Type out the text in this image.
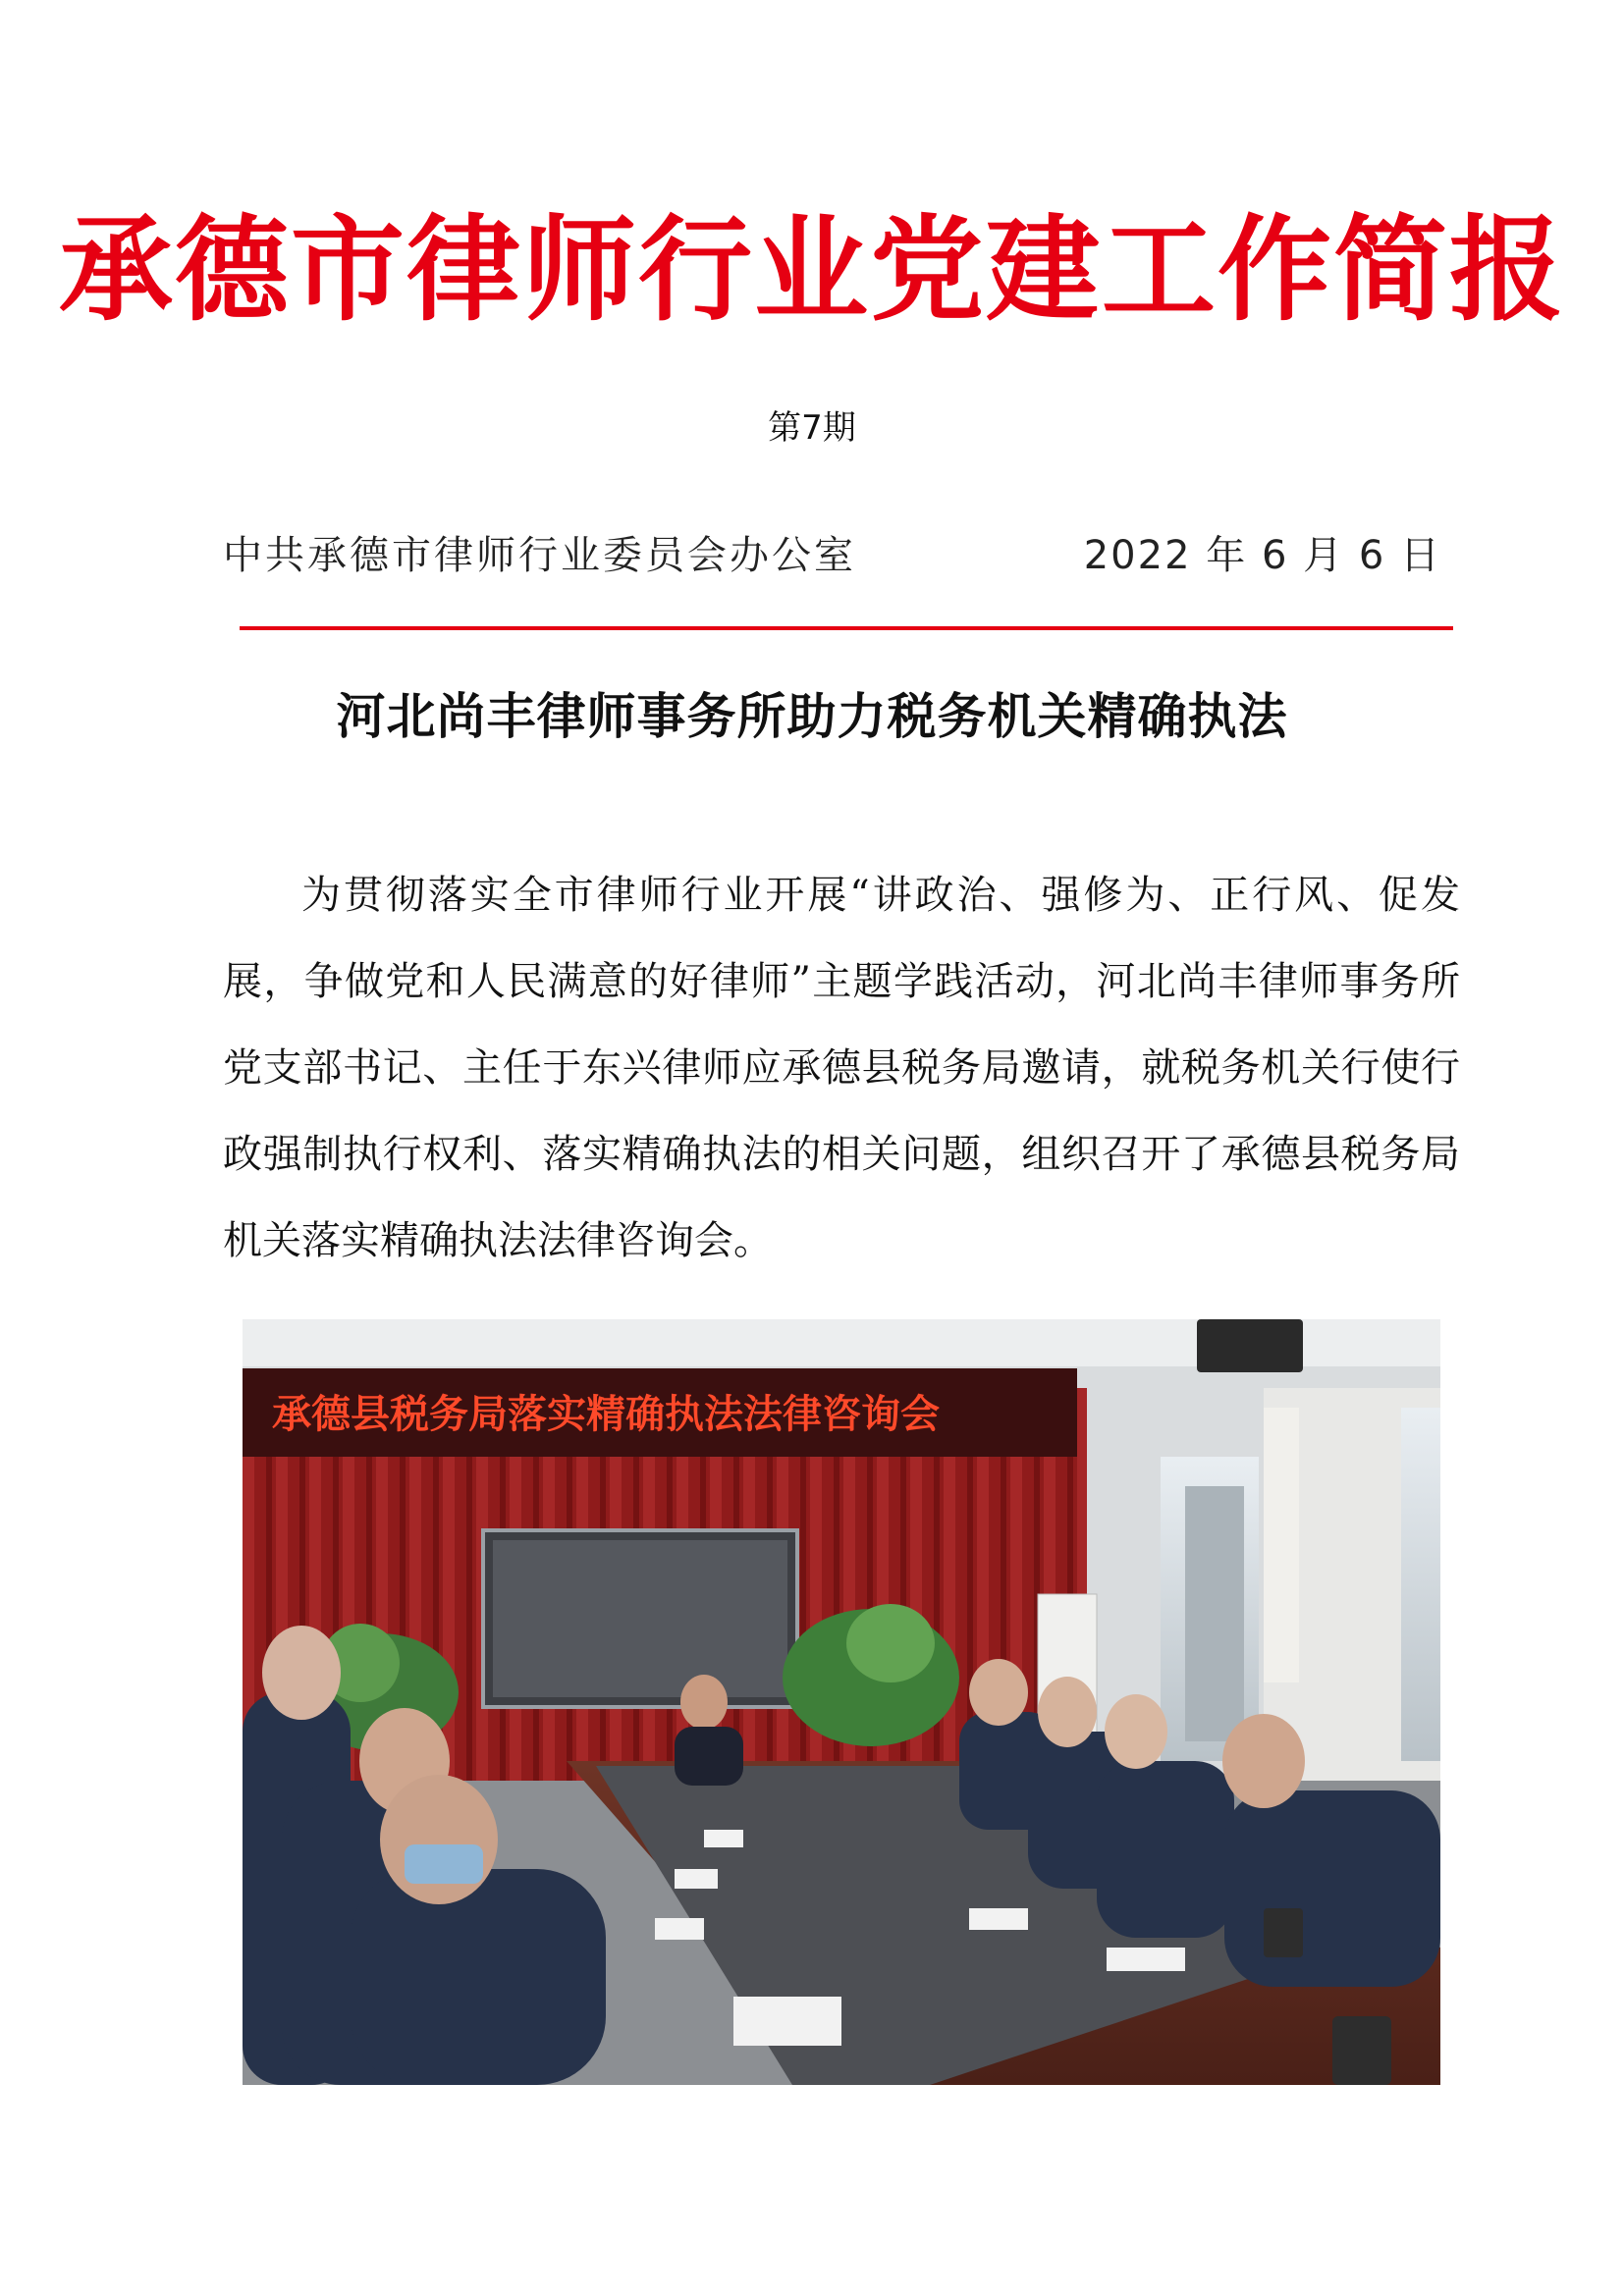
承德市律师行业党建工作简报
第7期
中共承德市律师行业委员会办公室	2022 年 6 月 6 日
河北尚丰律师事务所助力税务机关精确执法

为贯彻落实全市律师行业开展“讲政治、强修为、正行风、促发展，争做党和人民满意的好律师”主题学践活动，河北尚丰律师事务所党支部书记、主任于东兴律师应承德县税务局邀请，就税务机关行使行政强制执行权利、落实精确执法的相关问题，组织召开了承德县税务局机关落实精确执法法律咨询会。

承德县税务局落实精确执法法律咨询会
